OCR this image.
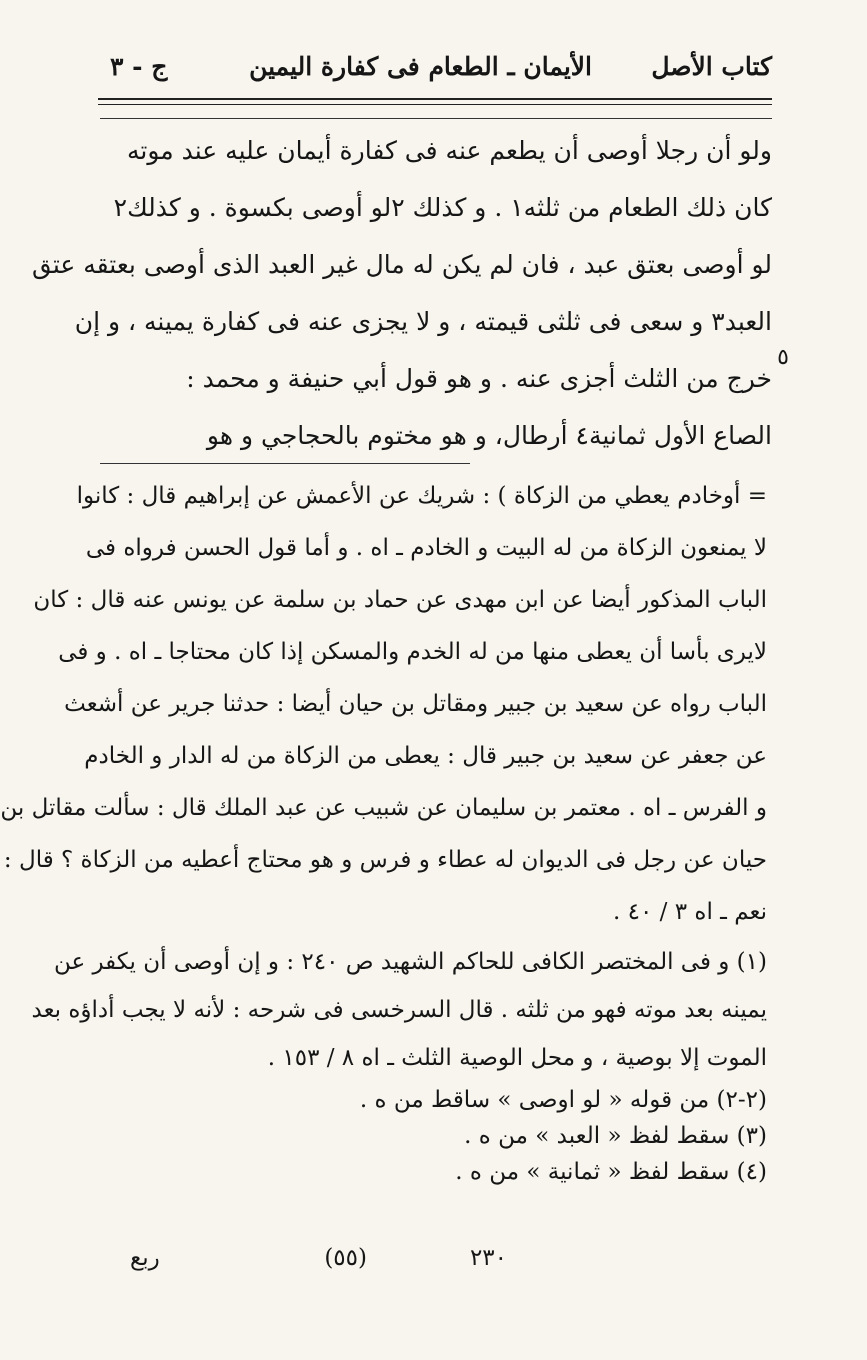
كتاب الأصل
الأيمان ـ الطعام فى كفارة اليمين
ج - ٣
ولو أن رجلا أوصى أن يطعم عنه فى كفارة أيمان عليه عند موته
كان ذلك الطعام من ثلثه١ . و كذلك ٢لو أوصى بكسوة . و كذلك٢
لو أوصى بعتق عبد ، فان لم يكن له مال غير العبد الذى أوصى بعتقه عتق
العبد٣ و سعى فى ثلثى قيمته ، و لا يجزى عنه فى كفارة يمينه ، و إن
خرج من الثلث أجزى عنه . و هو قول أبي حنيفة و محمد :
الصاع الأول ثمانية٤ أرطال، و هو مختوم بالحجاجي و هو
٥
= أوخادم يعطي من الزكاة ) : شريك عن الأعمش عن إبراهيم قال : كانوا
لا يمنعون الزكاة من له البيت و الخادم ـ اه . و أما قول الحسن فرواه فى
الباب المذكور أيضا عن ابن مهدى عن حماد بن سلمة عن يونس عنه قال : كان
لايرى بأسا أن يعطى منها من له الخدم والمسكن إذا كان محتاجا ـ اه . و فى
الباب رواه عن سعيد بن جبير ومقاتل بن حيان أيضا : حدثنا جرير عن أشعث
عن جعفر عن سعيد بن جبير قال : يعطى من الزكاة من له الدار و الخادم
و الفرس ـ اه . معتمر بن سليمان عن شبيب عن عبد الملك قال : سألت مقاتل بن
حيان عن رجل فى الديوان له عطاء و فرس و هو محتاج أعطيه من الزكاة ؟ قال :
نعم ـ اه ٣ / ٤٠ .
(١) و فى المختصر الكافى للحاكم الشهيد ص ٢٤٠ : و إن أوصى أن يكفر عن
يمينه بعد موته فهو من ثلثه . قال السرخسى فى شرحه : لأنه لا يجب أداؤه بعد
الموت إلا بوصية ، و محل الوصية الثلث ـ اه ٨ / ١٥٣ .
(٢-٢) من قوله « لو اوصى » ساقط من ه .
(٣) سقط لفظ « العبد » من ه .
(٤) سقط لفظ « ثمانية » من ه .
٢٣٠
(٥٥)
ربع
